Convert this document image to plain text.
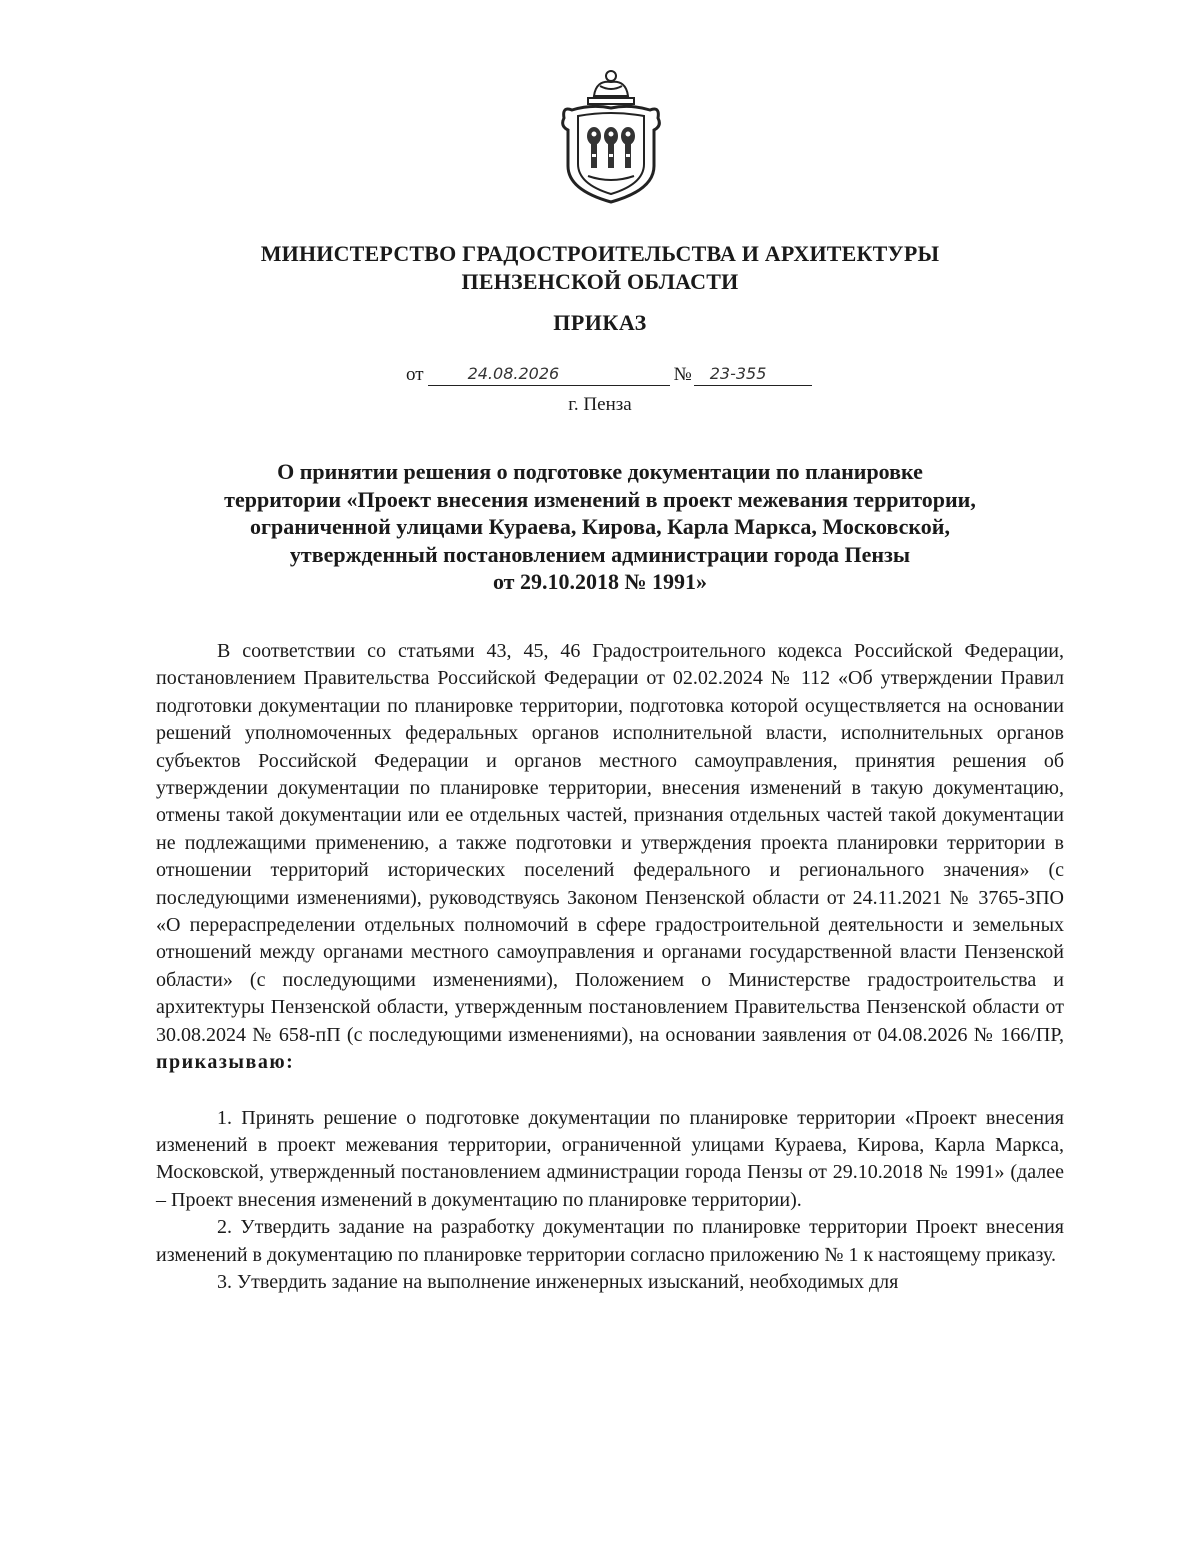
МИНИСТЕРСТВО ГРАДОСТРОИТЕЛЬСТВА И АРХИТЕКТУРЫ
ПЕНЗЕНСКОЙ ОБЛАСТИ
ПРИКАЗ
от	24.08.2026	№	23-355
г. Пенза
О принятии решения о подготовке документации по планировке
территории «Проект внесения изменений в проект межевания территории,
ограниченной улицами Кураева, Кирова, Карла Маркса, Московской,
утвержденный постановлением администрации города Пензы
от 29.10.2018 № 1991»

В соответствии со статьями 43, 45, 46 Градостроительного кодекса Российской Федерации, постановлением Правительства Российской Федерации от 02.02.2024 № 112 «Об утверждении Правил подготовки документации по планировке территории, подготовка которой осуществляется на основании решений уполномоченных федеральных органов исполнительной власти, исполнительных органов субъектов Российской Федерации и органов местного самоуправления, принятия решения об утверждении документации по планировке территории, внесения изменений в такую документацию, отмены такой документации или ее отдельных частей, признания отдельных частей такой документации не подлежащими применению, а также подготовки и утверждения проекта планировки территории в отношении территорий исторических поселений федерального и регионального значения» (с последующими изменениями), руководствуясь Законом Пензенской области от 24.11.2021 № 3765-ЗПО «О перераспределении отдельных полномочий в сфере градостроительной деятельности и земельных отношений между органами местного самоуправления и органами государственной власти Пензенской области» (с последующими изменениями), Положением о Министерстве градостроительства и архитектуры Пензенской области, утвержденным постановлением Правительства Пензенской области от 30.08.2024 № 658-пП (с последующими изменениями), на основании заявления от 04.08.2026 № 166/ПР, приказываю:

1. Принять решение о подготовке документации по планировке территории «Проект внесения изменений в проект межевания территории, ограниченной улицами Кураева, Кирова, Карла Маркса, Московской, утвержденный постановлением администрации города Пензы от 29.10.2018 № 1991» (далее – Проект внесения изменений в документацию по планировке территории).

2. Утвердить задание на разработку документации по планировке территории Проект внесения изменений в документацию по планировке территории согласно приложению № 1 к настоящему приказу.

3. Утвердить задание на выполнение инженерных изысканий, необходимых для
